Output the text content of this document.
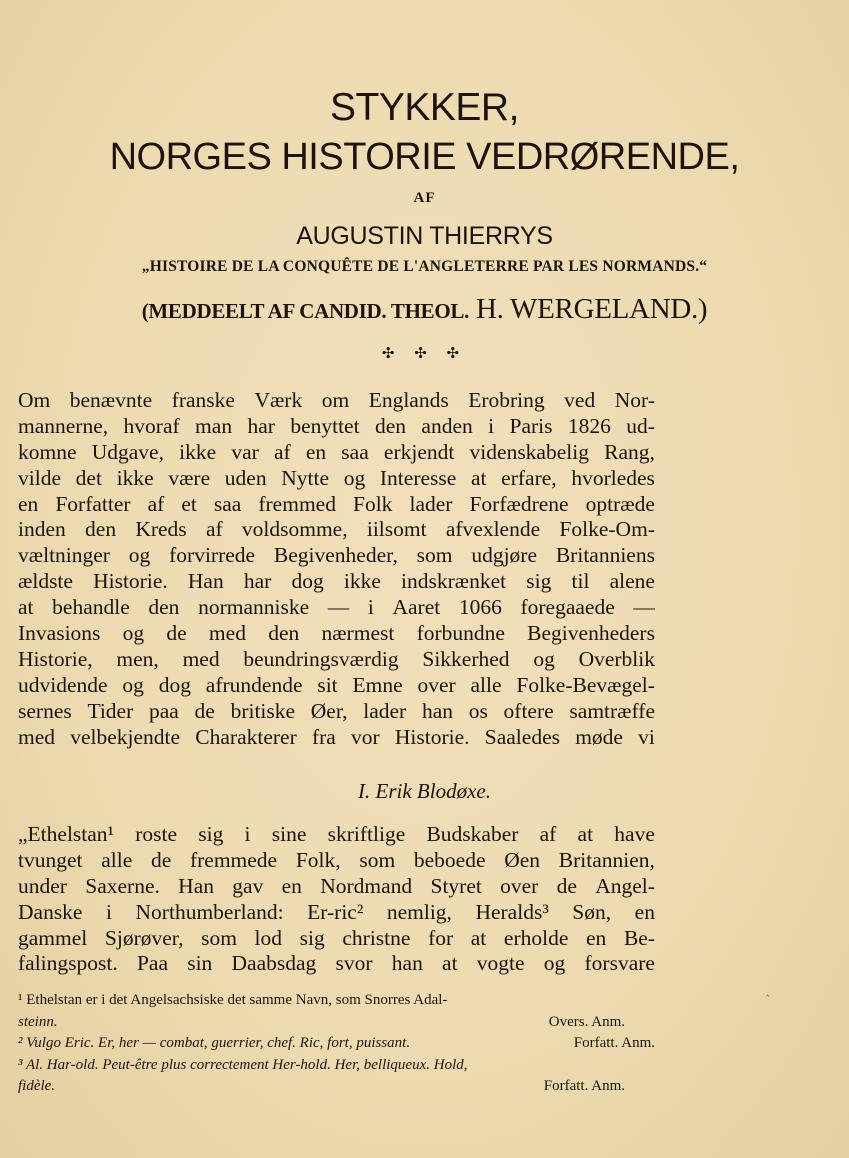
STYKKER,
NORGES HISTORIE VEDRØRENDE,
AF
AUGUSTIN THIERRYS
„HISTOIRE DE LA CONQUÊTE DE L'ANGLETERRE PAR LES NORMANDS.“
(MEDDEELT AF CANDID. THEOL. H. WERGELAND.)
✣ ✣ ✣
Om benævnte franske Værk om Englands Erobring ved Nor-
mannerne, hvoraf man har benyttet den anden i Paris 1826 ud-
komne Udgave, ikke var af en saa erkjendt videnskabelig Rang,
vilde det ikke være uden Nytte og Interesse at erfare, hvorledes
en Forfatter af et saa fremmed Folk lader Forfædrene optræde
inden den Kreds af voldsomme, iilsomt afvexlende Folke-Om-
væltninger og forvirrede Begivenheder, som udgjøre Britanniens
ældste Historie. Han har dog ikke indskrænket sig til alene
at behandle den normanniske — i Aaret 1066 foregaaede —
Invasions og de med den nærmest forbundne Begivenheders
Historie, men, med beundringsværdig Sikkerhed og Overblik
udvidende og dog afrundende sit Emne over alle Folke-Bevægel-
sernes Tider paa de britiske Øer, lader han os oftere samtræffe
med velbekjendte Charakterer fra vor Historie. Saaledes møde vi
I. Erik Blodøxe.
„Ethelstan¹ roste sig i sine skriftlige Budskaber af at have
tvunget alle de fremmede Folk, som beboede Øen Britannien,
under Saxerne. Han gav en Nordmand Styret over de Angel-
Danske i Northumberland: Er-ric² nemlig, Heralds³ Søn, en
gammel Sjørøver, som lod sig christne for at erholde en Be-
falingspost. Paa sin Daabsdag svor han at vogte og forsvare
¹ Ethelstan er i det Angelsachsiske det samme Navn, som Snorres Adal-
steinn.	Overs. Anm.
² Vulgo Eric. Er, her — combat, guerrier, chef. Ric, fort, puissant.	Forfatt. Anm.
³ Al. Har-old. Peut-être plus correctement Her-hold. Her, belliqueux. Hold,
fidèle.	Forfatt. Anm.
‸
